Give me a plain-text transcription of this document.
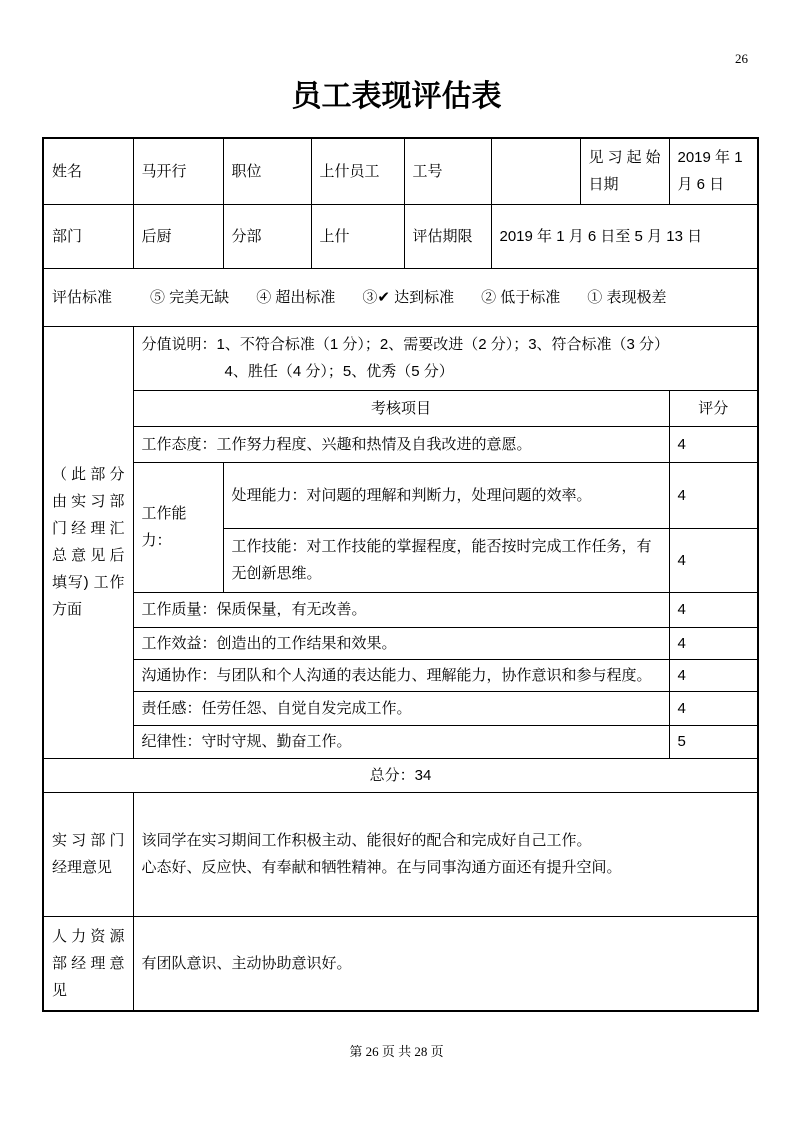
26
员工表现评估表
姓名	马开行	职位	上什员工	工号		见习起始日期	2019 年 1 月 6 日
部门	后厨	分部	上什	评估期限	2019 年 1 月 6 日至 5 月 13 日		

评估标准	⑤ 完美无缺 ④ 超出标准 ③✔ 达到标准 ② 低于标准 ① 表现极差

（此部分由实习部门经理汇总意见后填写) 工作方面	分值说明：1、不符合标准（1 分）；2、需要改进（2 分）；3、符合标准（3 分）
4、胜任（4 分）；5、优秀（5 分）						

	考核项目						评分
	工作态度：工作努力程度、兴趣和热情及自我改进的意愿。						4
	工作能力：	处理能力：对问题的理解和判断力，处理问题的效率。					4
		工作技能：对工作技能的掌握程度，能否按时完成工作任务，有无创新思维。					4
	工作质量：保质保量，有无改善。						4
	工作效益：创造出的工作结果和效果。						4
	沟通协作：与团队和个人沟通的表达能力、理解能力，协作意识和参与程度。						4
	责任感：任劳任怨、自觉自发完成工作。						4
	纪律性：守时守规、勤奋工作。						5
总分：34							
实习部门经理意见	该同学在实习期间工作积极主动、能很好的配合和完成好自己工作。
心态好、反应快、有奉献和牺牲精神。在与同事沟通方面还有提升空间。						

人力资源部经理意见	有团队意识、主动协助意识好。						
第 26 页 共 28 页
